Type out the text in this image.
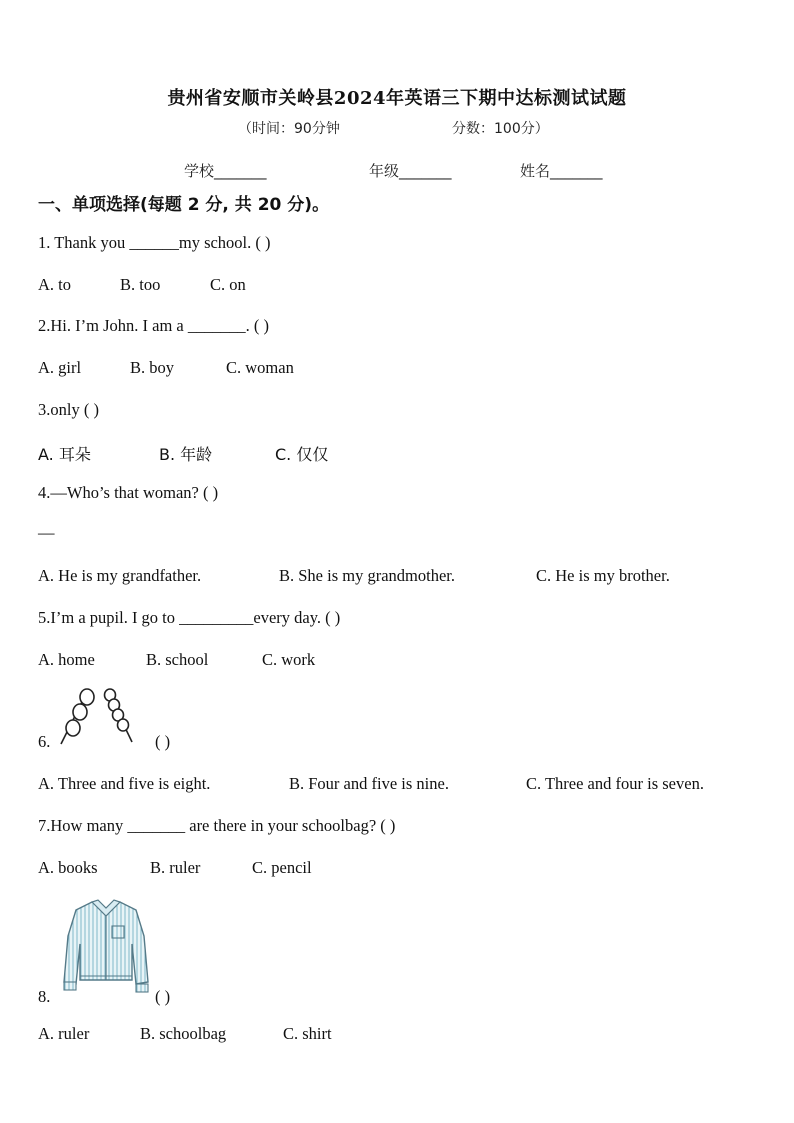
贵州省安顺市关岭县2024年英语三下期中达标测试试题
（时间：90分钟	分数：100分）
学校_______	年级_______	姓名_______
一、单项选择(每题 2 分, 共 20 分)。
1. Thank you ______my school. ( )
A. to	B. too	C. on
2.Hi. I’m John. I am a _______. ( )
A. girl	B. boy	C. woman
3.only ( )
A. 耳朵	B. 年龄	C. 仅仅
4.—Who’s that woman? ( )
—
A. He is my grandfather.	B. She is my grandmother.	C. He is my brother.
5.I’m a pupil. I go to _________every day. ( )
A. home	B. school	C. work
6.	( )
A. Three and five is eight.	B. Four and five is nine.	C. Three and four is seven.
7.How many _______ are there in your schoolbag? ( )
A. books	B. ruler	C. pencil
8.	( )
A. ruler	B. schoolbag	C. shirt
